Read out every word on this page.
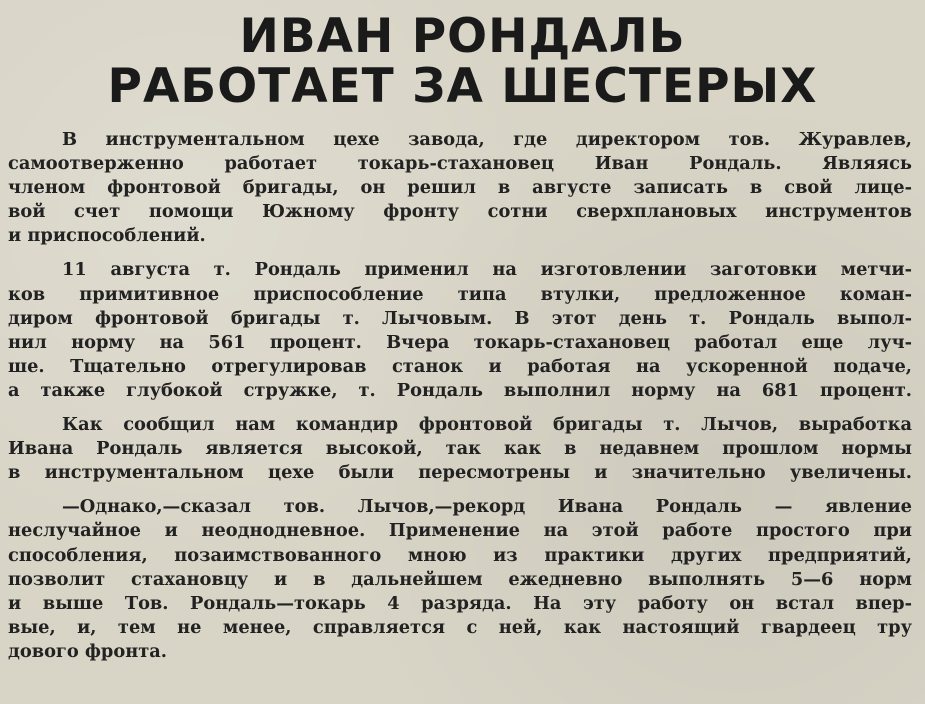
ИВАН РОНДАЛЬ
РАБОТАЕТ ЗА ШЕСТЕРЫХ
В инструментальном цехе завода, где директором тов. Журавлев,
самоотверженно работает токарь-стахановец Иван Рондаль. Являясь
членом фронтовой бригады, он решил в августе записать в свой лице-
вой счет помощи Южному фронту сотни сверхплановых инструментов
и приспособлений.
11 августа т. Рондаль применил на изготовлении заготовки метчи-
ков примитивное приспособление типа втулки, предложенное коман-
диром фронтовой бригады т. Лычовым. В этот день т. Рондаль выпол-
нил норму на 561 процент. Вчера токарь-стахановец работал еще луч-
ше. Тщательно отрегулировав станок и работая на ускоренной подаче,
а также глубокой стружке, т. Рондаль выполнил норму на 681 процент.
Как сообщил нам командир фронтовой бригады т. Лычов, выработка
Ивана Рондаль является высокой, так как в недавнем прошлом нормы
в инструментальном цехе были пересмотрены и значительно увеличены.
—Однако,—сказал тов. Лычов,—рекорд Ивана Рондаль — явление
неслучайное и неоднодневное. Применение на этой работе простого при
способления, позаимствованного мною из практики других предприятий,
позволит стахановцу и в дальнейшем ежедневно выполнять 5—6 норм
и выше Тов. Рондаль—токарь 4 разряда. На эту работу он встал впер-
вые, и, тем не менее, справляется с ней, как настоящий гвардеец тру
дового фронта.
